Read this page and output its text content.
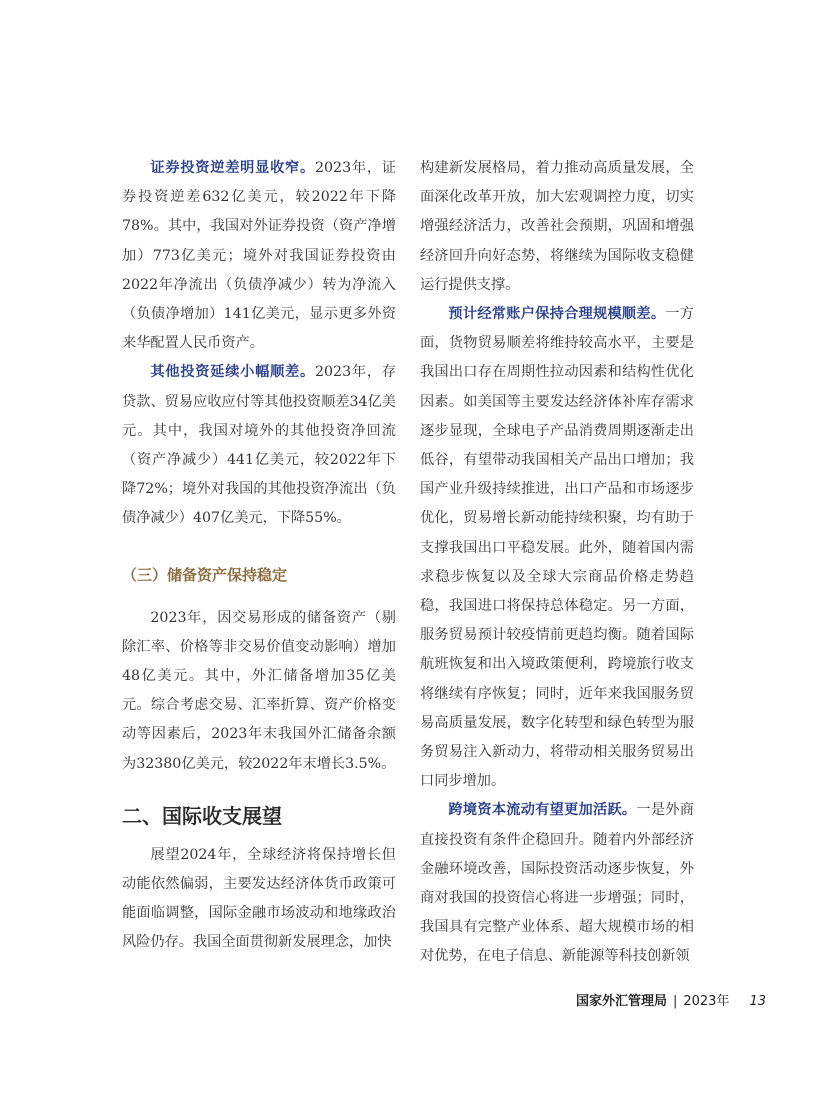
证券投资逆差明显收窄。2023年，证券投资逆差632亿美元，较2022年下降78%。其中，我国对外证券投资（资产净增加）773亿美元；境外对我国证券投资由2022年净流出（负债净减少）转为净流入（负债净增加）141亿美元，显示更多外资来华配置人民币资产。

其他投资延续小幅顺差。2023年，存贷款、贸易应收应付等其他投资顺差34亿美元。其中，我国对境外的其他投资净回流（资产净减少）441亿美元，较2022年下降72%；境外对我国的其他投资净流出（负债净减少）407亿美元，下降55%。

（三）储备资产保持稳定

2023年，因交易形成的储备资产（剔除汇率、价格等非交易价值变动影响）增加48亿美元。其中，外汇储备增加35亿美元。综合考虑交易、汇率折算、资产价格变动等因素后，2023年末我国外汇储备余额为32380亿美元，较2022年末增长3.5%。

二、国际收支展望

展望2024年，全球经济将保持增长但动能依然偏弱，主要发达经济体货币政策可能面临调整，国际金融市场波动和地缘政治风险仍存。我国全面贯彻新发展理念，加快

构建新发展格局，着力推动高质量发展，全面深化改革开放，加大宏观调控力度，切实增强经济活力，改善社会预期，巩固和增强经济回升向好态势，将继续为国际收支稳健运行提供支撑。

预计经常账户保持合理规模顺差。一方面，货物贸易顺差将维持较高水平，主要是我国出口存在周期性拉动因素和结构性优化因素。如美国等主要发达经济体补库存需求逐步显现，全球电子产品消费周期逐渐走出低谷，有望带动我国相关产品出口增加；我国产业升级持续推进，出口产品和市场逐步优化，贸易增长新动能持续积聚，均有助于支撑我国出口平稳发展。此外，随着国内需求稳步恢复以及全球大宗商品价格走势趋稳，我国进口将保持总体稳定。另一方面，服务贸易预计较疫情前更趋均衡。随着国际航班恢复和出入境政策便利，跨境旅行收支将继续有序恢复；同时，近年来我国服务贸易高质量发展，数字化转型和绿色转型为服务贸易注入新动力，将带动相关服务贸易出口同步增加。

跨境资本流动有望更加活跃。一是外商直接投资有条件企稳回升。随着内外部经济金融环境改善，国际投资活动逐步恢复，外商对我国的投资信心将进一步增强；同时，我国具有完整产业体系、超大规模市场的相对优势，在电子信息、新能源等科技创新领

国家外汇管理局 | 2023年 13
